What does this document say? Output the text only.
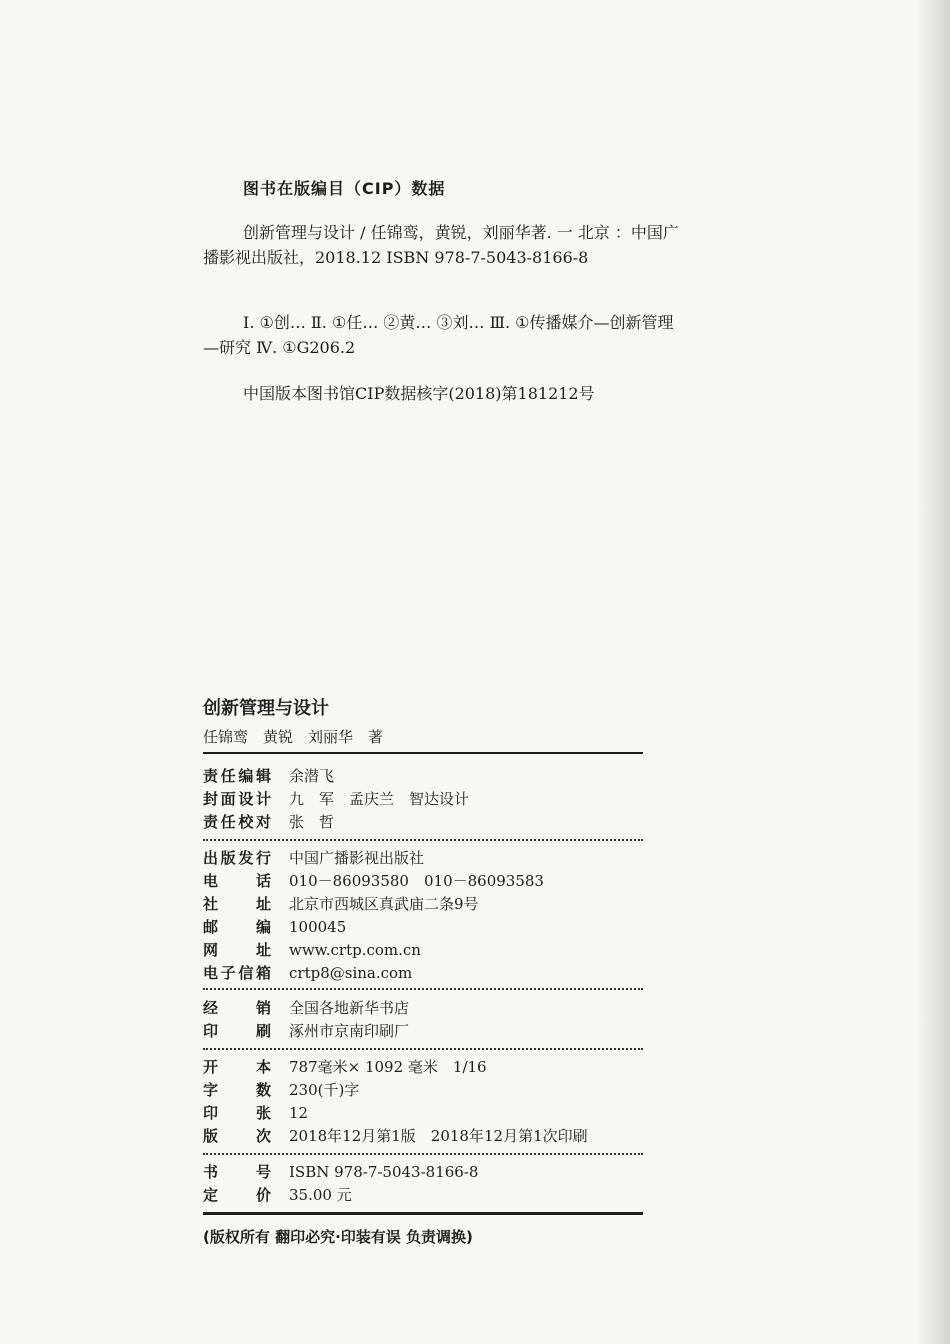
图书在版编目（CIP）数据

创新管理与设计 / 任锦鸾，黄锐，刘丽华著. 一 北京 ：中国广播影视出版社，2018.12 ISBN 978-7-5043-8166-8

Ⅰ. ①创… Ⅱ. ①任… ②黄… ③刘… Ⅲ. ①传播媒介—创新管理—研究 Ⅳ. ①G206.2

中国版本图书馆CIP数据核字(2018)第181212号
创新管理与设计
任锦鸾　黄锐　刘丽华　著
责任编辑 余潜飞
封面设计 九　军　孟庆兰　智达设计
责任校对 张　哲
出版发行 中国广播影视出版社
电话 010－86093580　010－86093583
社址 北京市西城区真武庙二条9号
邮编 100045
网址 www.crtp.com.cn
电子信箱 crtp8@sina.com
经销 全国各地新华书店
印刷 涿州市京南印刷厂
开本 787毫米× 1092 毫米　1/16
字数 230(千)字
印张 12
版次 2018年12月第1版　2018年12月第1次印刷
书号 ISBN 978-7-5043-8166-8
定价 35.00 元
(版权所有 翻印必究·印装有误 负责调换)
